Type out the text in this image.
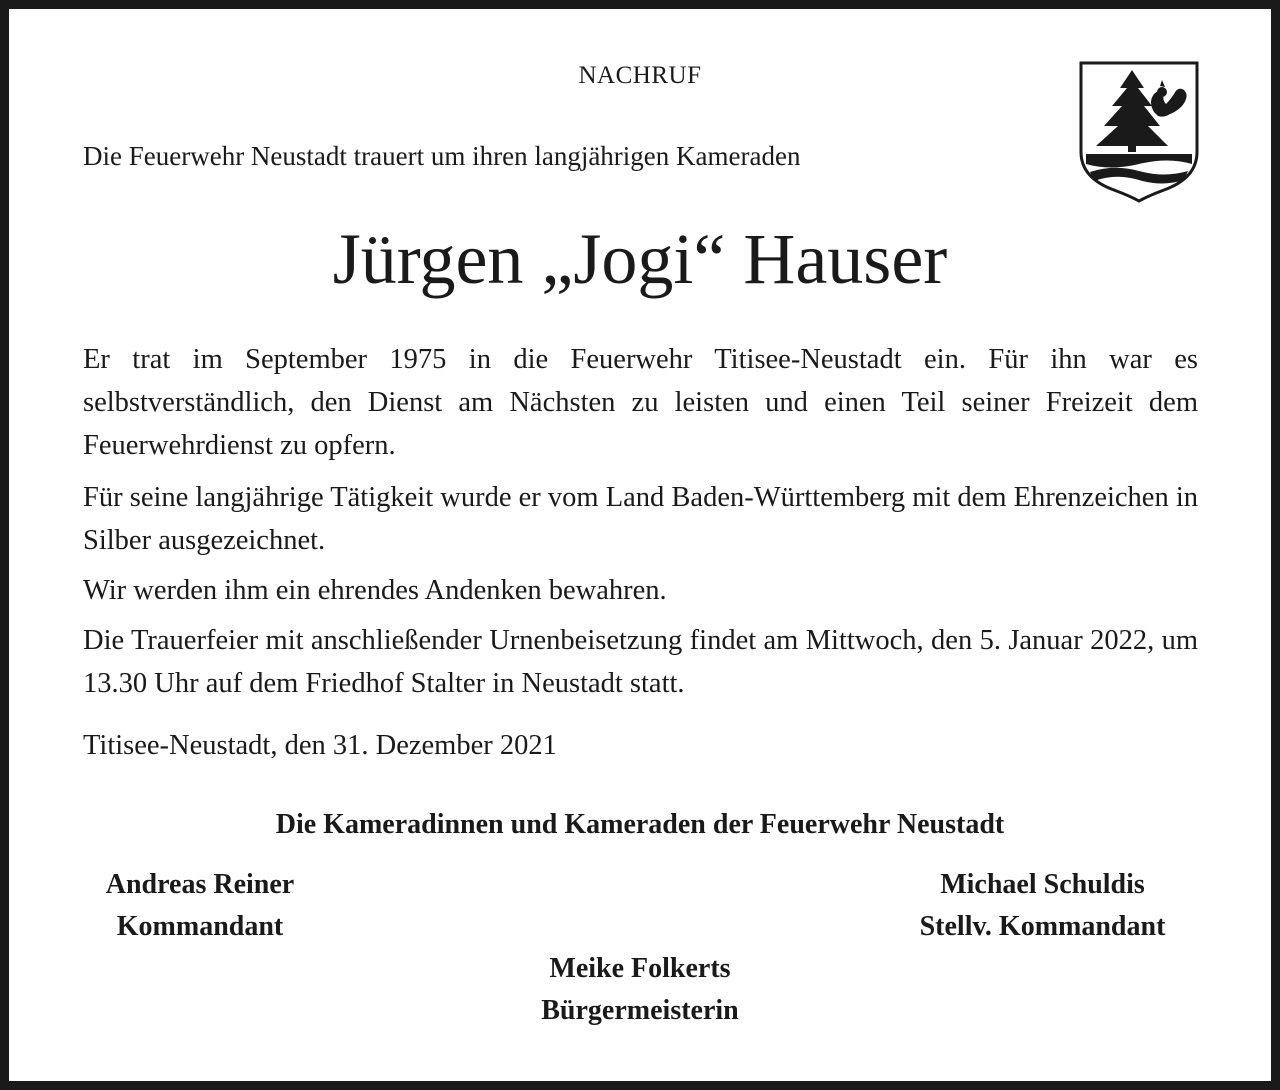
NACHRUF
Die Feuerwehr Neustadt trauert um ihren langjährigen Kameraden
Jürgen „Jogi“ Hauser
Er trat im September 1975 in die Feuerwehr Titisee-Neustadt ein. Für ihn war es selbstverständlich, den Dienst am Nächsten zu leisten und einen Teil seiner Freizeit dem Feuerwehrdienst zu opfern.
Für seine langjährige Tätigkeit wurde er vom Land Baden-Württemberg mit dem Ehrenzeichen in Silber ausgezeichnet.
Wir werden ihm ein ehrendes Andenken bewahren.
Die Trauerfeier mit anschließender Urnenbeisetzung findet am Mittwoch, den 5. Januar 2022, um 13.30 Uhr auf dem Friedhof Stalter in Neustadt statt.
Titisee-Neustadt, den 31. Dezember 2021
Die Kameradinnen und Kameraden der Feuerwehr Neustadt
Andreas Reiner
Kommandant
Michael Schuldis
Stellv. Kommandant
Meike Folkerts
Bürgermeisterin
